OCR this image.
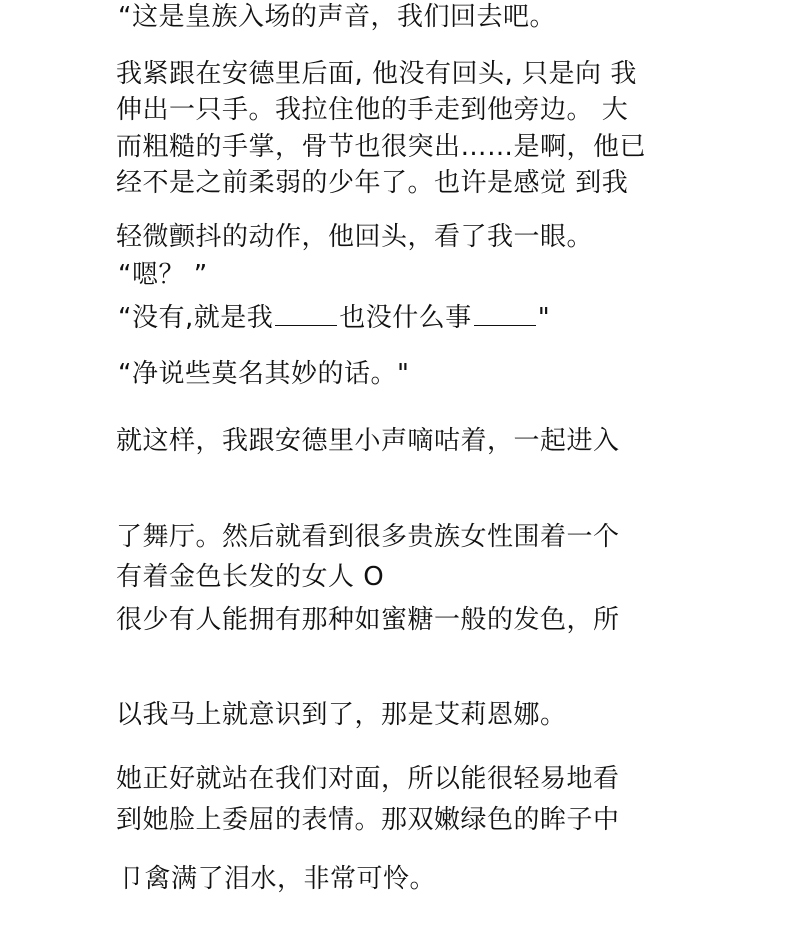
“这是皇族入场的声音，我们回去吧。
我紧跟在安德里后面, 他没有回头, 只是向 我
伸出一只手。我拉住他的手走到他旁边。 大
而粗糙的手掌，骨节也很突出……是啊，他已
经不是之前柔弱的少年了。也许是感觉 到我
轻微颤抖的动作，他回头，看了我一眼。
“嗯？ ”
“没有,就是我	也没什么事	"
“净说些莫名其妙的话。"
就这样，我跟安德里小声嘀咕着，一起进入
了舞厅。然后就看到很多贵族女性围着一个
有着金色长发的女人 O
很少有人能拥有那种如蜜糖一般的发色，所
以我马上就意识到了，那是艾莉恩娜。
她正好就站在我们对面，所以能很轻易地看
到她脸上委屈的表情。那双嫩绿色的眸子中
卩禽满了泪水，非常可怜。
